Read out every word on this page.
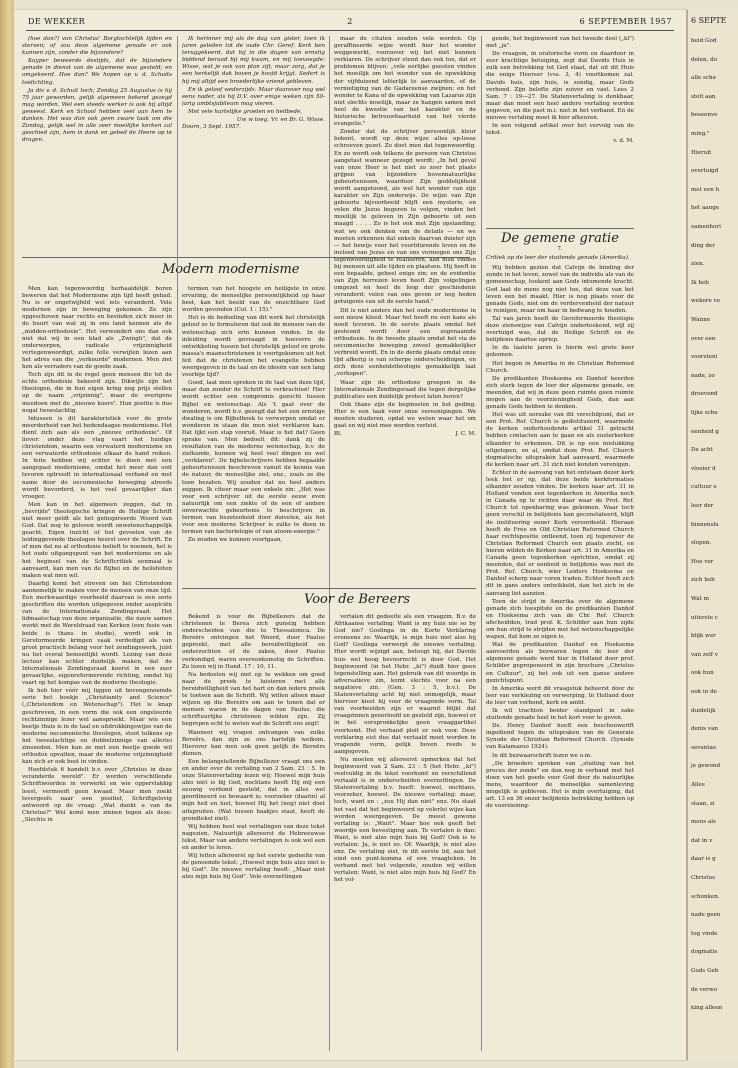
DE WEKKER	2	6 SEPTEMBER 1957

(hoe dan?) van Christus' Borgtochtelijk lijden en sterven; of zou deze algemene genade er ook kunnen zijn, zonder die bijzondere?

Kuyper beweerde destijds, dat de bijzondere genade in dienst van de algemene was gesteld; en omgekeerd. Hoe dan? We hopen op v. d. Schuits toelichting.

Ja dis v. d. Schuit toch; Zondag 25 Augustus is hij 75 jaar geworden, gelijk algemeen bekend gezegd mag worden. Wel een steeds werker is ook hij altijd geweest. Kerk en School hebben veel aan hem te danken. Het was dan ook geen zware taak om die Zondag, gelijk wel in alle zeer moeilijke kerken zal geschied zijn, hem in dank en gebed de Heere op te dragen.

Modern modernisme

Men kan tegenwoordig herhaaldelijk horen beweren dat het Modernisme zijn tijd heeft gehad. Nu is er ongetwijfeld wel iets veranderd. Vele modernen zijn in beweging gekomen. Ze zijn opgeschoven naar rechts en bevinden zich meer in de buurt van wat zij in ons land kennen als de „midden-orthodoxie". Het verwondert ons dan ook niet dat wij in een blad als „Zwingli", dat de onderwerpen, radicale vrijzinnigheid vertegenwoordigt, zulke felle verwijten lezen aan het adres van die „verkeurde" modernen. Men ziet hen als verraders van de goede zaak.

Toch zijn dit in de regel geen mensen die tot de echte orthodoxie bekeerd zijn. Dikwijls zijn het theologen, die in hun eigen kring nog prijs stellen op de naam „vrijzinnig", maar de overigens meedoen met de „nieuwe koers". Hun positie is dus nogal tweeslachtig.

Intussen is dit karakteristiek voor de grote meerderheid van het hedendaagse modernisme. Het dient zich aan als een „nieuwe orthodoxie". Of liever: onder deze vlag vaart het huidige christendom, waarin een verwaterd modernisme en een verwaterde orthodoxie elkaar de hand reiken. In feite hebben wij echter te doen met een aangepast modernisme, omdat het meer dan ooit tevoren optreedt in internationaal verband en met name door de oecumenische beweging alreeds wordt bevorderd, is het veel gevaarlijker dan vroeger.

Men kan in het algemeen zeggen, dat in „bevrijde" theologische kringen de Heilige Schrift niet meer geldt als het geïnspireerde Woord van God. Dat nog te geloven wordt onwetenschappelijk geacht. Eigen inzicht of het gevoelen van de leidinggevende theologen heerst over de Schrift. En of men dat nu al orthodoxie belieft te noemen, het is het oude uitgangspunt van het modernisme en als het beginsel van de Schriftcritiek eenmaal is aanvaard, kan men van de Bijbel en de heilsfeiten maken wat men wil.

Daarbij komt het streven om het Christendom aannemelijk te maken voor de mensen van onze tijd. Een merkwaardige voorbeeld daarvan is een serie geschriften die worden uitgegeven onder auspiciën van de Internationale Zendingsraad. Het lidmaatschap van deze organisatie, die nauw samen werkt met de Wereldraad van Kerken (een fusie van beide is thans in studie), wordt ook in Gereformeerde kringen vaak verdedigd als van groot practisch belang voor het zendingswerk, juist nu het overal bemoeilijkt wordt. Lezing van deze lectuur kan echter duidelijk maken, dat de Internationale Zendingsraad koerst in een zeer gevaarlijke, eigenreformerende richting, omdat hij vaart op het kompas van de moderne theologie.

Ik heb hier vóór mij liggen uit bovengenoemde serie het boekje „Christianity and Science" („Christendom en Wetenschap"). Het is knap geschreven, in een vorm die ook een ongeleerde rechtzinnige lezer wel aanspreekt. Maar wie een beetje thuis is in de taal en uitdrukkingswijze van de moderne oecumenische theologen, stoot telkens op het tweeslachtige en dubbelzinnige van allerlei zinsneden. Men kan ze met een beetje goede wil orthodox opvatten, maar de moderne vrijzinnigheid kan zich er ook best in vinden.

Hoofdstuk 6 handelt b.v. over „Christus in deze veranderde wereld". Er worden verschillende Schriftwoorden in verwerkt en wie oppervlakkig leest, vermoedt geen kwaad. Maar men zoekt tevergeefs naar een positief, Schriftgelovig antwoord op de vraag: „Wat dunkt u van de Christus?" Wel komt men zinnen tegen als deze: „Slechts in

Ik herinner mij als de dag van gister, toen ik jaren geleden tot de oude Chr. Geref. Kerk ben teruggekeerd, dat hij in die dagen van ernstig biddend beraad bij mij kwam, en mij toevoegde: Wisse, wat je ook van plan zijt, maar zorg, dat je een herkelijk dak boven je hoofd krijgt. Sedert is hij mij altijd een broederlijke vriend gebleven.

En ik geloof wederzijds. Maar daarover nog wel eens nader, als hij D.V. over enige weken zijn 50-jarig ambtsjubileum mag vieren.

Met vele hartelijke groeten en heilbede,

Uw w toeg. Vr. en Br. G. Wisse.
Doorn, 3 Sept. 1957.

termen van het hoogste en heiligste in onze ervaring, de menselijke persoonlijkheid op haar best, kan het beeld van de onzichtbare God worden gevonden (Col. 1 : 15)."

Het is de bedoeling van dit werk het christelijk geloof zo te formuleren dat ook de mensen van de wetenschap zich erin kunnen vinden. In de inleiding wordt gevraagd in hoeverre de ontwikkeling tussen het christelijk geloof en grote massa's maanschristenen is voortgekomen uit het feit dat de christenen het evangelie hebben weergegeven in de taal en de ideeën van een lang voorbije tijd?

Goed, laat men spreken in de taal van deze tijd, maar dan zonder de Schrift te verkrachten! Hier wordt echter een compromis gezocht tussen Bijbel en wetenschap. Als 't gaat over de wonderen, wordt b.v. gezegd dat het een ernstige dwaling is om Bijbelboek te verwerpen omdat er wonderen in staan die men niet verklaren kan. Dat lijkt een stap vooruit. Maar is het dat? Geen sprake van. Men bedoelt dit: dank zij de resultaten van de moderne wetenschap, b.v. de zielkunde, kunnen wij heel veel dingen nu wel „verklaren". De bijbelschrijvers hebben bepaalde gebeurtenissen beschreven vanuit de kennis van de natuur, de menselijke ziel, enz., zoals ze die toen bezaten. Wij zouden dat nu heel anders zeggen. Ik citeer maar een enkele zin: „Het was voor een schrijver uit de eerste eeuw even natuurlijk om een ziekte of de een of andere onverwachte gebeurtenis te beschrijven in termen van bezetenheid door duivelen, als het voor een moderne Schrijver is zulks te doen in termen van bacteriologie of van atoom-energie."

Zo zouden we kunnen voortgaan,

maar de citaten zouden vele worden. Op geraffineerde wijze wordt hier het wonder weggewerkt, voorzover wij het niet kunnen verklaren. De schrijver stemt dan ook toe, dat er problemen blijven: „vele eerlijke geesten vinden het moeilijk om het wonder van de opwekking der vijfduizend letterlijk te aanvaarden, of de vernietiging van de Gadareense zwijnen; en het wonder te Kana of de opwekking van Lazarus zijn niet slechts moeilijk, maar ze hangen samen met heel de kwestie van het karakter en de historische betrouwbaarheid van het vierde evangelie."

Zonder dat de schrijver persoonlijk kleur bekent, wordt op deze wijze alles op-losse schroeven gezet. Zo doet men dat tegenwoordig. En zo wordt ook telkens de persoon van Christus aangetast wanneer gezegd wordt: „In het geval van onze Heer is het niet zo zeer het plaats grijpen van bijzondere bovennatuurlijke gebeurtenissen, waardoor Zijn goddelijkheid wordt aangetoond, als wel het wonder van zijn karakter en Zijn onderwijs. De wijze van Zijn geboorte bijvoorbeeld blijft een mysterie, en velen die Jezus begeren te volgen, vinden het moeilijk te geloven in Zijn geboorte uit een maagd . . . . Zo is het ook met Zijn opstanding; wat we ook denken van de details — en we moeten erkennen dat enkele daarvan duister zijn — het bewijs voor het voortdurende leven en de invloed van Jezus en van ons vermogen ons Zijn tegenwoordigheid te realiseren, kan men vinden bij mensen uit alle tijden en plaatsen. Hij heeft in een bepaalde, geheel enige zin; en de evidentie van Zijn herrezen leven heeft Zijn volgelingen omgezet en heel de loop der geschiedenis veranderd: velen van ons geven er nog heden getuigenis van uit de eerste hand."

Dit is niet anders dan het oude modernisme in een nieuw kleed. Maar het heeft nu een kans als nooit tevoren. In de eerste plaats omdat het gesteund wordt door een zogenaamde orthodoxie. In de tweede plaats omdat het via de oecumenische beweging zoveel gemakkelijker verbreid wordt. En in de derde plaats omdat onze tijd afkerig is van scherpe onderscheidingen, en zich deze eenheidstheologie gemakkelijk laat „verkopen".

Waar zijn de orthodoxe groepen in de Internationale Zendingsraad die tegen dergelijke publicaties een duidelijk protest laten horen?

Ook thans zijn de beginselen in het geding. Hier is een taak voor onze vereenigingen. We moeten studeren, opdat we weten waar het om gaat en wij niet mee worden verleid.

Bl.	J. C. M.
Voor de Bereers

Bekend is voor de Bijbellezers dat de christenen te Berea zich gunstig hebben onderscheiden van die te Thessalonica. De Bereërs ontvingen het Woord, door Paulus gepreekt, met alle bereidwilligheid en onderzochten of de zaken, door Paulus verkondigd, waren overeenkomstig de Schriften. Zo lezen wij in Hand. 17 : 10, 11.

Na bedoelen wij niet op te wekken om goed naar de preek te luisteren met alle bereidwilligheid van het hart en dan iedere preek te toetsen aan de Schrift. Wij willen alleen maar wijzen op die Bereërs om aan te tonen dat er mensen waren in de dagen van Paulus, die schriftuurlijke christenen wilden zijn. Zij begrepen echt te weten wat de Schrift ons zegt!

Wanneer wij vragen ontvangen van zulke Bereërs, dan zijn ze ons hartelijk welkom. Hierover kan men ook geen gelijk de Bereërs dienen.

Een belangstellende Bijbellezer vraagt ons een en ander over de vertaling van 2 Sam. 23 : 5. In onze Statenvertaling lezen wij: Hoewel mijn huis alzo niet is bij God, nochtans heeft Hij mij een eeuwig verbond gesteld, dat in alles wel geordineerd en bewaard is; voorzeker (daarin) al mijn heil en lust, hoewel Hij het (nog) niet doet uitspruiten. (Wat tussen haakjes staat, heeft de grondtekst niet).

Wij hebben heel wat vertalingen van deze tekst nagezien. Natuurlijk allereerst de Hebreeuwse tekst. Maar van andere vertalingen is ook wel een en ander te leren.

Wij letten allereerst op het eerste gedeelte van de genoemde tekst: „Hoewel mijn huis alzo niet is bij God". De nieuwe vertaling heeft: „Maar niet alzo mijn huis bij God". Vele overzettingen

vertalen dit gedeelte als een vraagzin. B.v. de Afrikaanse vertaling: Want is my huis nie so by God nie? Goslinga in de Korte Verklaring eveneens zo: Waarlijk, is mijn huis niet alzo bij God? Goslinga verwerpt de nieuwe vertaling. Hier wordt wijzigd aan, betoogt hij, dat Davids huis wel hoog bevoorrecht is door God. Het beginwoord (in het Hebr. „ki") duidt hier geen tegenstelling aan. Het gebruik van dit woordje in adversatieve zin, komt slechts voor na een negatieve zin. (Gen. 3 : 5, b.v.). De Statenvertaling acht hij niet onmogelijk, maar hiervoor kiest hij voor de vraagende vorm. Tal van voorbeelden zijn er waarnit blijkt dat vraagzinnen geoorloofd en gesteld zijn, hoewel er in het oorspronkelijke geen vraaggartikel voorkomt. Het verband pleit er ook voor. Deze verklaring eist dus dat vertaald moet worden in vragende vorm, gelijk boven reeds is aangegeven.

Nu moeten wij allereerst opmerken dat het beginwoord van 2 Sam. 23 : 5 (het Hebr. „ki") veelvuldig in de tekst voorkomt en verschillend vertaald is in onderscheiden overzettingen. De Statenvertaling b.v. heeft: hoewel, nochtans, voorzeker, hoewel. De nieuwe vertaling: maar, toch, want en : „zou Hij dan niet" enz. Nu staat het vast dat het beginwoord op velerlei wijze kan worden weergegeven. De meest gewone vertaling is: „Want". Maar hoe ook geeft het woordje een bevestiging aan. Te vertalen is dan: Want, is niet alzo mijn huis bij God? Ook is te vertalen: Ja, is niet zo. Of: Waarlijk, is niet alzo enz. De vertaling eist, in dit eerste lid, aan het eind een punt-komma of een vraagteken. In verband met het volgende, zouden wij willen vertalen: Want, is niet alzo mijn huis bij God? En het vol-

gende, het beginwoord van het tweede deel („kl") met „ja".

De vraagsin, in oratorische vorm en daardoor in zeer krachtige betuiging, zegt dat Davids Huis in zulk een betrekking tot God staat, dat uit dit Huis die enige Heerser (vss. 3, 4) voortkomen zal. Davids huis, zijn huis, is zondig, maar Gods verbond. Zijn belofte zijn zuiver en vast. Lees 2 Sam. 7 : 19—27. De Statenvertaling is denkbaar, maar dan moet een heel andere vertaling worden gegeven, en die past m.i. niet in het verband. En de nieuwe vertaling moet ik hier afkeuren.

In een volgend artikel over het vervolg van de tekst.

v. d. M.
De gemene gratie
7.
Critiek op de leer der stuitende genade (Amerika).

Wij hebben gezien dat Calvijn de binding der zonde in het leven, zowel van de individu als van de gemeenschap, toekent aan Gods intomende kracht. God laat de mens nog niet toe, dat deze van het leven een hel maakt. Hier is nog plaats voor de genade Gods, niet om de verdervenheid der natuur te reinigen, maar om haar in bedwang te houden.

Tal van jaren heeft de Gereformeerde theologie deze zienswijze van Calvijn onderteekend, wijl zij overtuigd was, dat de Heilige Schrift en de belijdenis daartoe opriep.

In de laatste jaren is hierin wel grote keer gekomen.

Het begon in Amerika in de Christian Reformed Church.

De predikanten Hoeksema en Danhof keerden zich sterk tegen de leer der algemene genade, en meenden, dat wij in deze geen ruimte geen ruimte mogen aan de voorzieningheid Gods, dan aan genade Gods hebben te denken.

Het was uit oorzake van dit verschilpunt, dat er een Prot. Ref. Church is gedistitueerd, waarmede de kerken onderhoudende artikel 31 getracht hebben contacten aan te gaan en als zusterkerken elkander te erkennen. Dit is op een mislukking uitgelopen, en al, omdat deze Prot. Ref. Church dogmatische uitsprakén had aanvaard, waarmede de kerken naar art. 31 zich niet konden verenigen.

Echter in de aanvang van het ontstaan dezer kerk leek het er op, dat deze beide kerkformaties elkander zouden vinden. De kerken naar art. 31 in Holland vonden een tegenkerken in Amerika noch in Canada op te richten daar waar de Prot. Ref. Church tot openbaring was gekomen. Waar toch geen verschil in belijdenis kan geconstateerd, blijft de instituering eener Kerk veroordeeld. Hieraan heeft de Free en Old Christian Reformed Church haar rechtspositie ontleend, toen zij tegenover de Christian Reformed Church een plaats zocht, en hieron wilden de Kerken naar art. 31 in Amerika en Canada geen tegenkerken oprichten, omdat zij meenden, dat er eenheid in belijdenis was met de Prot. Ref. Church, wier Leiders Hoeksema en Danhof scherp naar voren traden. Echter heeft zich dit in gans anders ontwikkeld, dan het zich in de aanvang liet aanzien.

Toen de strijd in Amerika over de algemene genade zich toespitste en de predikanten Danhof en Hoeksema zich van de Chr. Ref. Church afscheidden, trad prof. K. Schilder aan hun zijde om hun strijd te strijden met het wetenschappelijke wapen, dat hem zo eigen is.

Wat de predikanten Danhof en Hoeksema aanvoerden als bezwaren tegen de leer der algemene genade werd hier in Holland door prof. Schilder geproponeerd in zijn brochure „Christus en Cultuur", zij het ook uit een ganse andere gezichtspunt.

In Amerika werd dit vraagstuk beheerst door de leer van verkiezing en verwerping. In Holland door de leer van verbond, kerk en ambt.

Ik wil trachten beider standpunt in zake stuitende genade heel in het kort voor te geven.

Ds. Henry Danhof heeft een beschouwerift ingediend tegen de uitspraken van de Generale Synode der Christian Reformed Church. (Synode van Kalamazoo 1924).

In dit bezwaarschrift lezen we o.m.

„De broeders spreken van „stuiting van het proces der zonde" en dan nog in verband met het doen van het goede voor God door de natuurlijke mens, waardoor de menselijke samenleving mogelijk is gebleven. Het is mijn overtuiging, dat art. 13 en 36 onzer belijdenis betrekking hebben op de voorziening-

6 SEPTE
heid God
delen, do
alle sche
stelt aan
beseenvo
ming."
Hieruit
overtuigd
met een h
het aange
samenhori
ding der
zien.
Ik heb
wekere ve
Wanne
over een
voorsteni
nade, zo
droevend
lijke sche
eenheid g
De acht
vloeier d
cultuur e
leer der
binnenslu
slopen.
Hoe ver
zich heb
Wat m
uiterste c
blijk wer
van zelf v
ook hun
ook in de
duidelijk
denis van
seventae
je gewond
Alles
staan, zi
mens als
dat in v
daar is g
Christus
schonken.
nade geen
tog vinde
dogmatis
Gods Geb
de verwo
king alleen
